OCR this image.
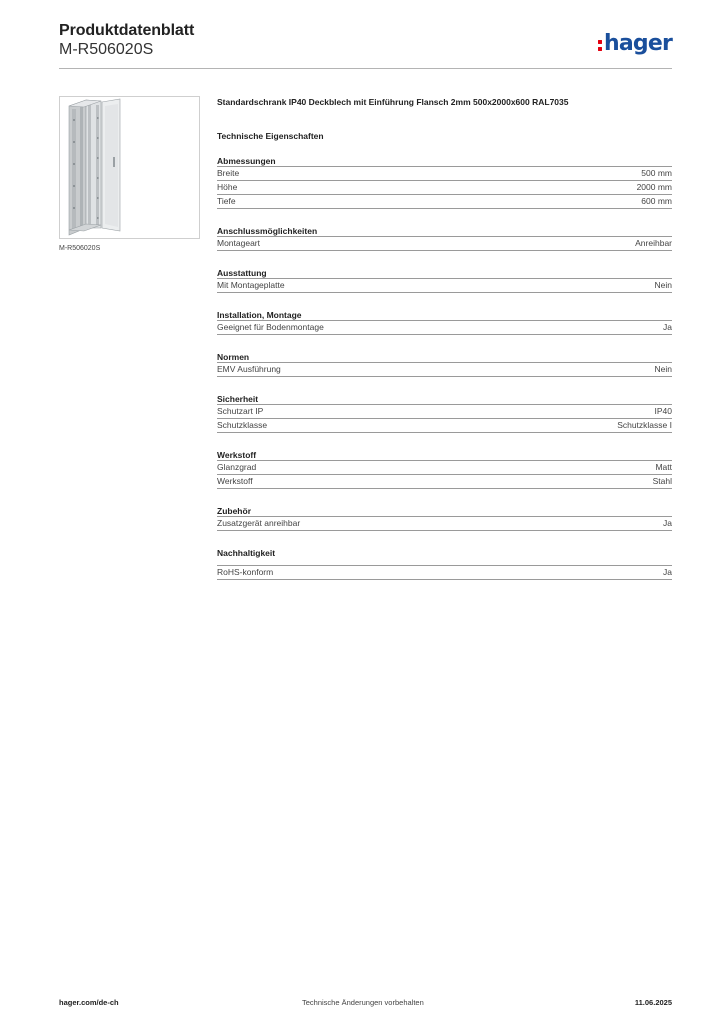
Produktdatenblatt
M-R506020S	hager
M-R506020S
Standardschrank IP40 Deckblech mit Einführung Flansch 2mm 500x2000x600 RAL7035
Technische Eigenschaften
Abmessungen
Breite	500 mm
Höhe	2000 mm
Tiefe	600 mm
Anschlussmöglichkeiten
Montageart	Anreihbar
Ausstattung
Mit Montageplatte	Nein
Installation, Montage
Geeignet für Bodenmontage	Ja
Normen
EMV Ausführung	Nein
Sicherheit
Schutzart IP	IP40
Schutzklasse	Schutzklasse I
Werkstoff
Glanzgrad	Matt
Werkstoff	Stahl
Zubehör
Zusatzgerät anreihbar	Ja
Nachhaltigkeit
RoHS-konform	Ja
hager.com/de-ch	Technische Änderungen vorbehalten	11.06.2025
